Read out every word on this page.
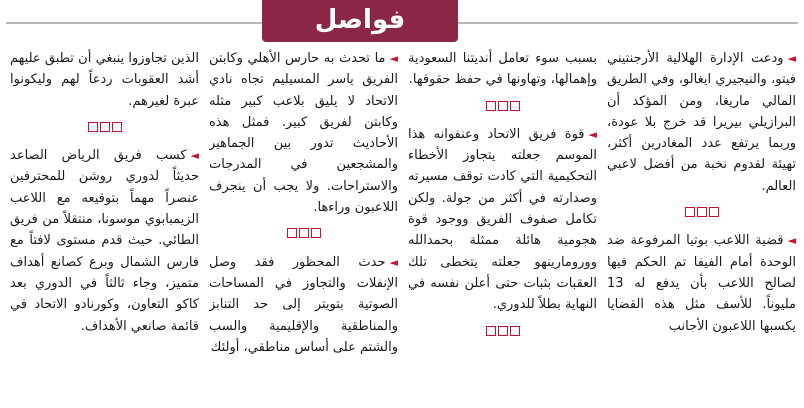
فواصل

◄ودعت الإدارة الهلالية الأرجنتيني فيتو، والنيجيري ايغالو، وفي الطريق المالي ماريغا، ومن المؤكد أن البرازيلي بيريرا قد خرج بلا عودة، وربما يرتفع عدد المغادرين أكثر، تهيئة لقدوم نخبة من أفضل لاعبي العالم.

◄قضية اللاعب بوتيا المرفوعة ضد الوحدة أمام الفيفا تم الحكم فيها لصالح اللاعب بأن يدفع له 13 مليوناً. للأسف مثل هذه القضايا يكسبها اللاعبون الأجانب

بسبب سوء تعامل أنديتنا السعودية وإهمالها، وتهاونها في حفظ حقوقها.

◄قوة فريق الاتحاد وعنفوانه هذا الموسم جعلته يتجاوز الأخطاء التحكيمية التي كادت توقف مسيرته وصدارته في أكثر من جولة. ولكن تكامل صفوف الفريق ووجود قوة هجومية هائلة ممثلة بحمدالله وورومارينهو جعلته يتخطى تلك العقبات بثبات حتى أعلن نفسه في النهاية بطلاً للدوري.

◄ما تحدث به حارس الأهلي وكابتن الفريق ياسر المسيليم تجاه نادي الاتحاد لا يليق بلاعب كبير مثله وكابتن لفريق كبير. فمثل هذه الأحاديث تدور بين الجماهير والمشجعين في المدرجات والاستراحات. ولا يجب أن ينجرف اللاعبون وراءها.

◄حدث المحظور فقد وصل الإنفلات والتجاوز في المساحات الصوتية بتويتر إلى حد التنابز والمناطقية والإقليمية والسب والشتم على أساس مناطقي، أولئك

الذين تجاوزوا ينبغي أن تطبق عليهم أشد العقوبات ردعاً لهم وليكونوا عبرة لغيرهم.

◄كسب فريق الرياض الصاعد حديثاً لدوري روشن للمحترفين عنصراً مهماً بتوقيعه مع اللاعب الزيمبابوي موسونا، منتقلاً من فريق الطائي. حيث قدم مستوى لافتاً مع فارس الشمال وبرع كصانع أهداف متميز، وجاء ثالثاً في الدوري بعد كاكو التعاون، وكورنادو الاتحاد في قائمة صانعي الأهداف.
